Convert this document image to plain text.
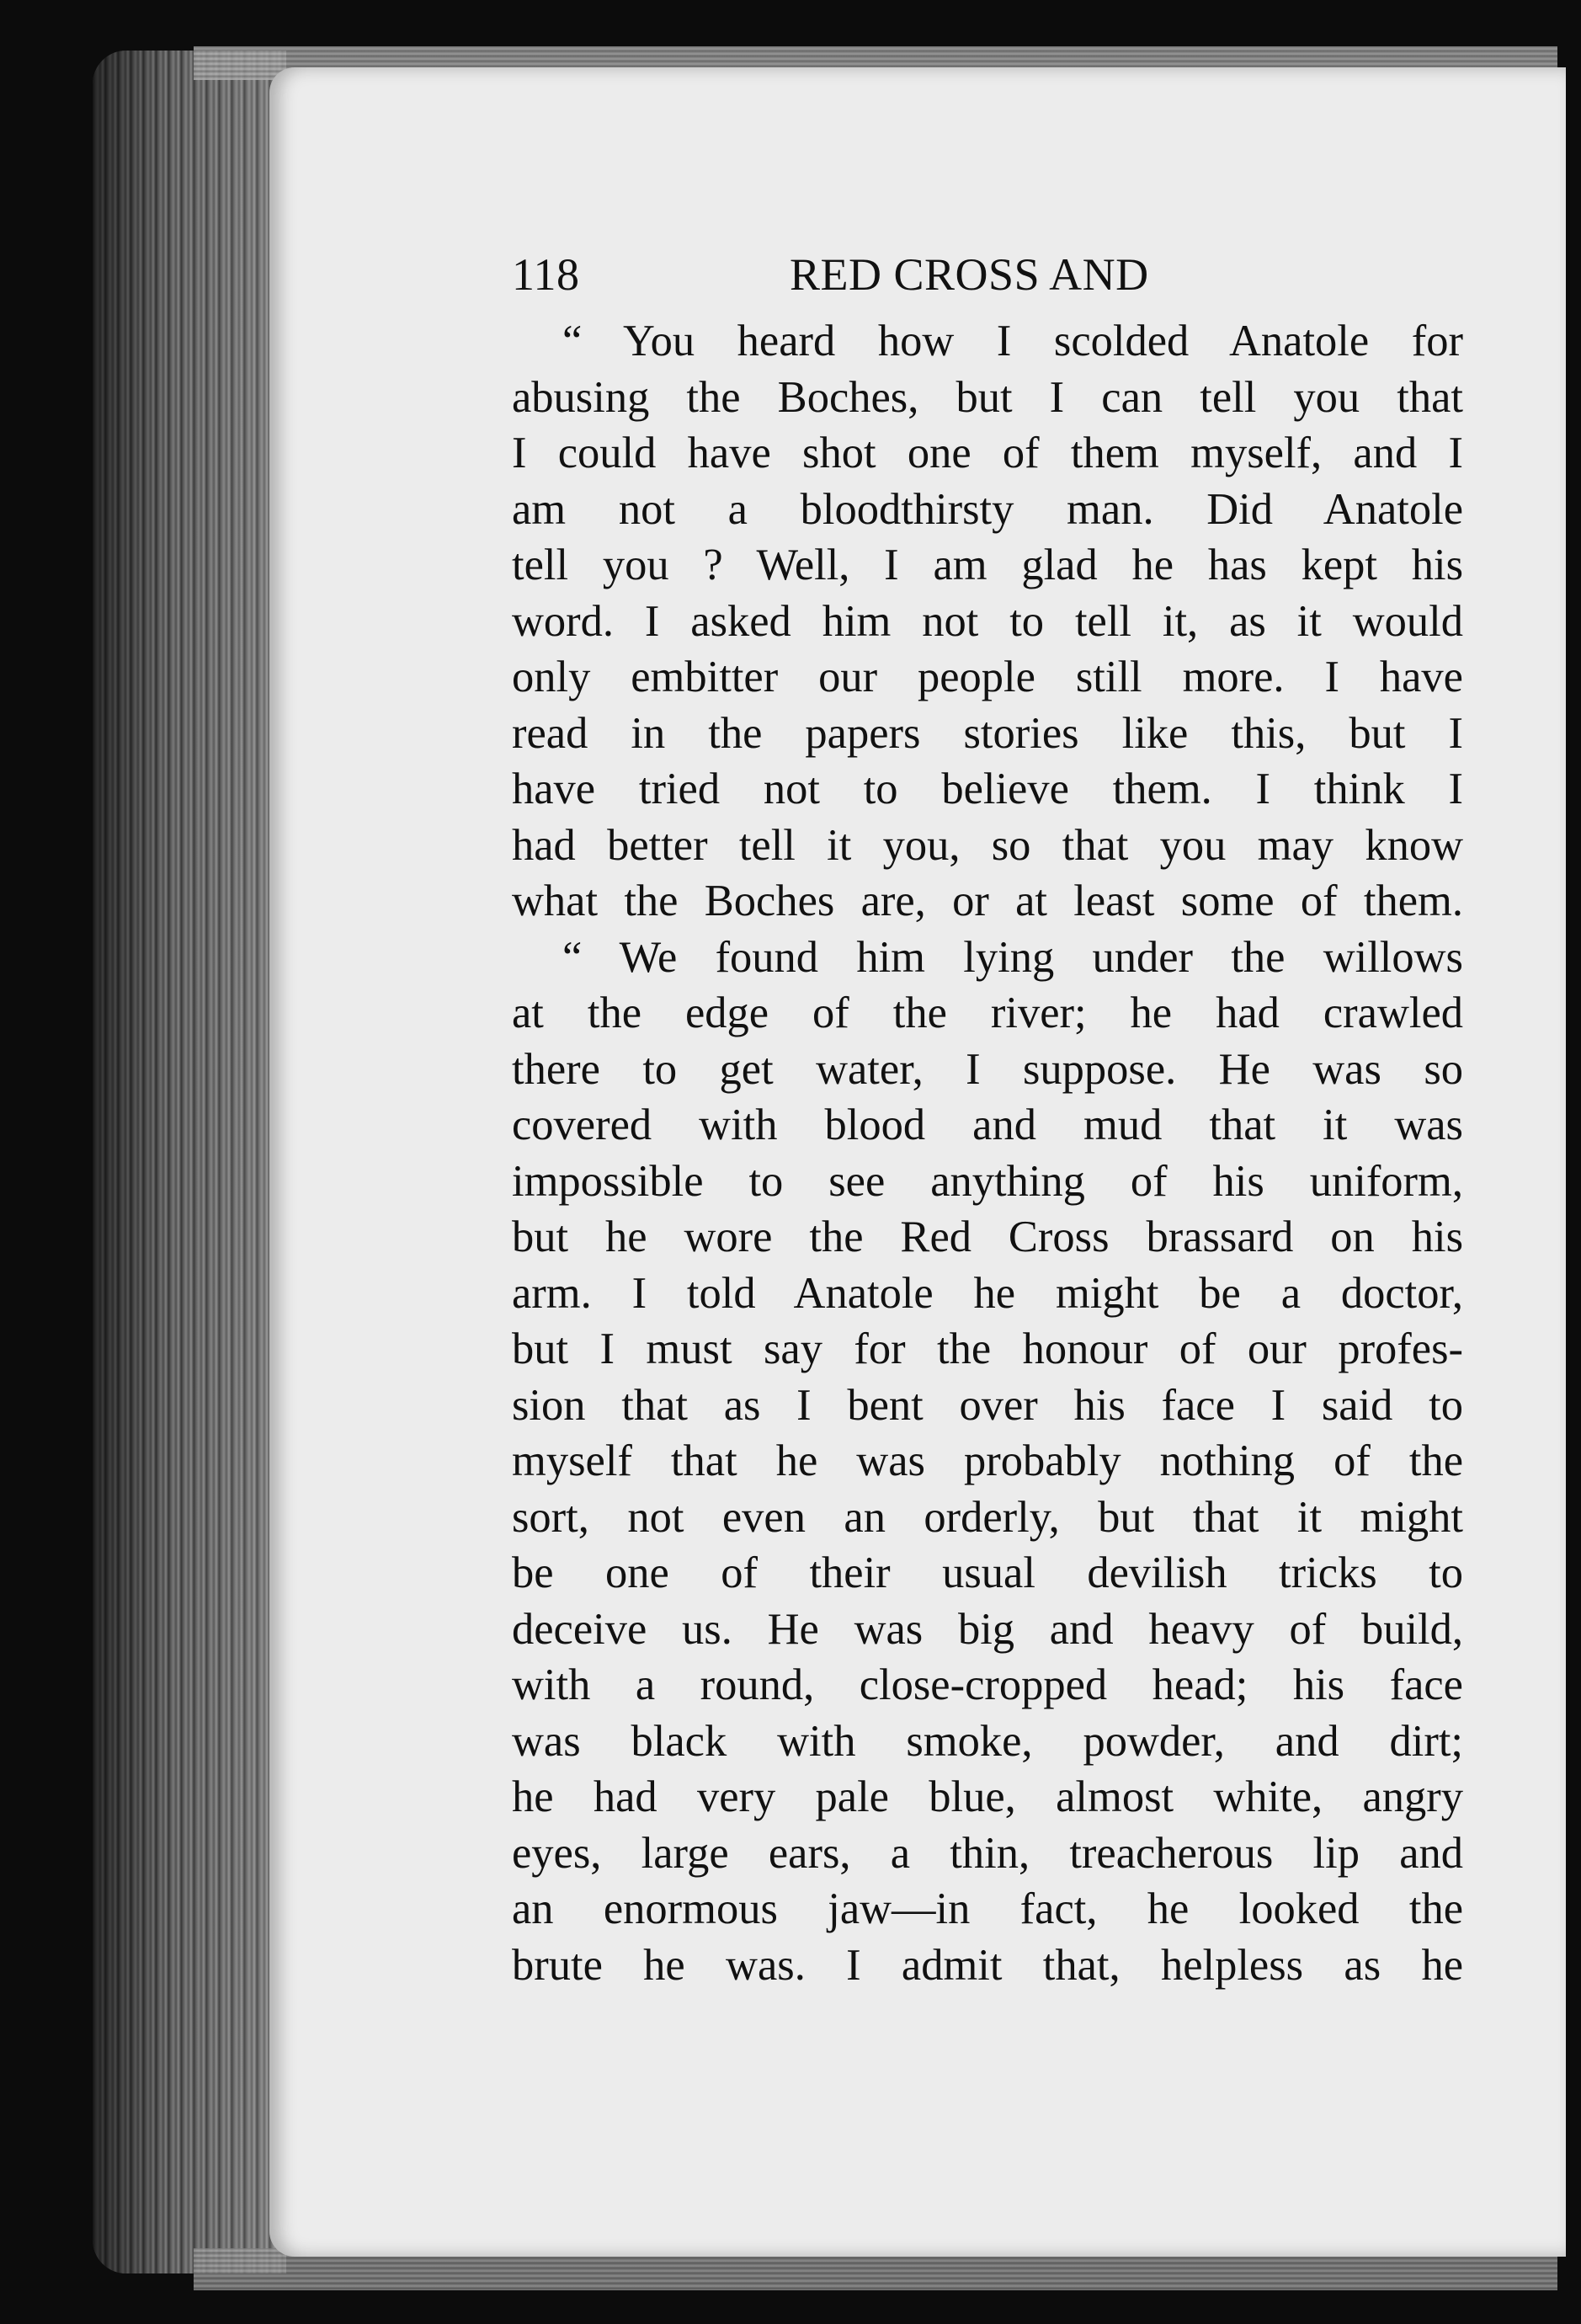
118	RED CROSS AND
“ You heard how I scolded Anatole for
abusing the Boches, but I can tell you that
I could have shot one of them myself, and I
am not a bloodthirsty man. Did Anatole
tell you ? Well, I am glad he has kept his
word. I asked him not to tell it, as it would
only embitter our people still more. I have
read in the papers stories like this, but I
have tried not to believe them. I think I
had better tell it you, so that you may know
what the Boches are, or at least some of them.
“ We found him lying under the willows
at the edge of the river; he had crawled
there to get water, I suppose. He was so
covered with blood and mud that it was
impossible to see anything of his uniform,
but he wore the Red Cross brassard on his
arm. I told Anatole he might be a doctor,
but I must say for the honour of our profes-
sion that as I bent over his face I said to
myself that he was probably nothing of the
sort, not even an orderly, but that it might
be one of their usual devilish tricks to
deceive us. He was big and heavy of build,
with a round, close-cropped head; his face
was black with smoke, powder, and dirt;
he had very pale blue, almost white, angry
eyes, large ears, a thin, treacherous lip and
an enormous jaw—in fact, he looked the
brute he was. I admit that, helpless as he
